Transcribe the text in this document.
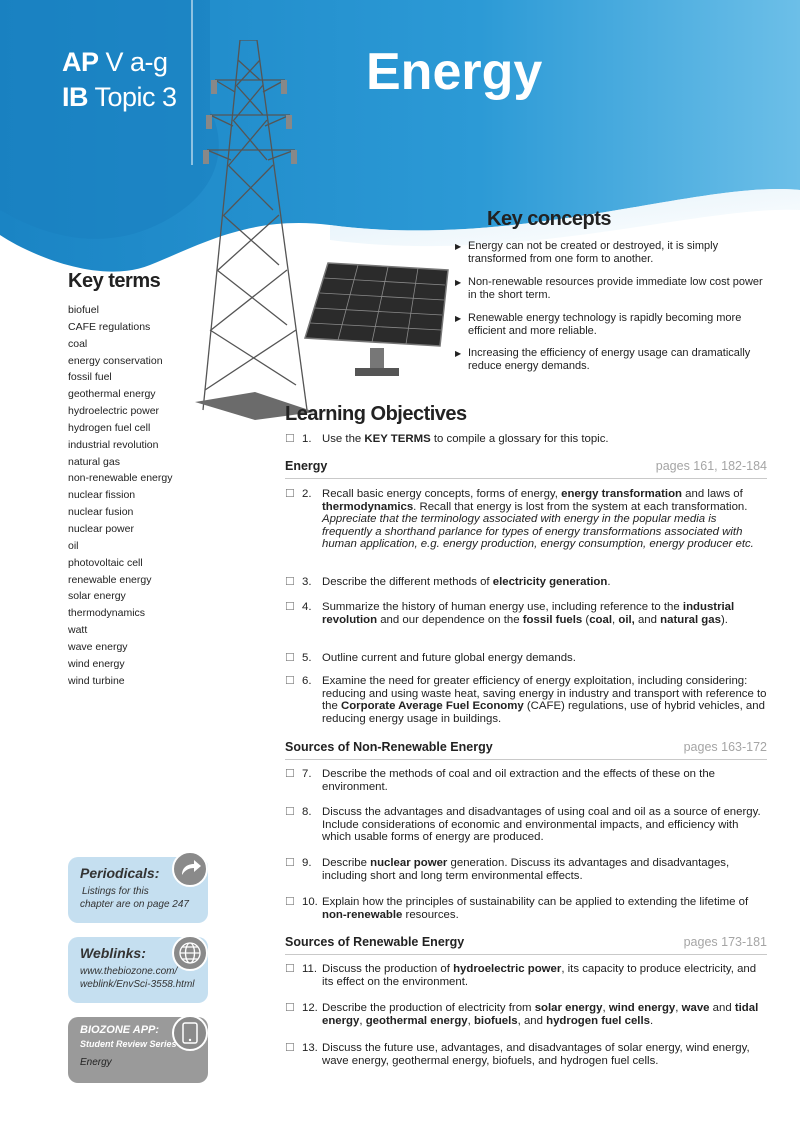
AP V a-g
IB Topic 3	Energy
Key terms
biofuel
CAFE regulations
coal
energy conservation
fossil fuel
geothermal energy
hydroelectric power
hydrogen fuel cell
industrial revolution
natural gas
non-renewable energy
nuclear fission
nuclear fusion
nuclear power
oil
photovoltaic cell
renewable energy
solar energy
thermodynamics
watt
wave energy
wind energy
wind turbine
Key concepts
▶ Energy can not be created or destroyed, it is simply transformed from one form to another.
▶ Non-renewable resources provide immediate low cost power in the short term.
▶ Renewable energy technology is rapidly becoming more efficient and more reliable.
▶ Increasing the efficiency of energy usage can dramatically reduce energy demands.
Learning Objectives
☐ 1. Use the KEY TERMS to compile a glossary for this topic.
Energy	pages 161, 182-184
☐ 2. Recall basic energy concepts, forms of energy, energy transformation and laws of thermodynamics. Recall that energy is lost from the system at each transformation. Appreciate that the terminology associated with energy in the popular media is frequently a shorthand parlance for types of energy transformations associated with human application, e.g. energy production, energy consumption, energy producer etc.
☐ 3. Describe the different methods of electricity generation.
☐ 4. Summarize the history of human energy use, including reference to the industrial revolution and our dependence on the fossil fuels (coal, oil, and natural gas).
☐ 5. Outline current and future global energy demands.
☐ 6. Examine the need for greater efficiency of energy exploitation, including considering: reducing and using waste heat, saving energy in industry and transport with reference to the Corporate Average Fuel Economy (CAFE) regulations, use of hybrid vehicles, and reducing energy usage in buildings.
Sources of Non-Renewable Energy	pages 163-172
☐ 7. Describe the methods of coal and oil extraction and the effects of these on the environment.
☐ 8. Discuss the advantages and disadvantages of using coal and oil as a source of energy. Include considerations of economic and environmental impacts, and efficiency with which usable forms of energy are produced.
☐ 9. Describe nuclear power generation. Discuss its advantages and disadvantages, including short and long term environmental effects.
☐ 10. Explain how the principles of sustainability can be applied to extending the lifetime of non-renewable resources.
Sources of Renewable Energy	pages 173-181
☐ 11. Discuss the production of hydroelectric power, its capacity to produce electricity, and its effect on the environment.
☐ 12. Describe the production of electricity from solar energy, wind energy, wave and tidal energy, geothermal energy, biofuels, and hydrogen fuel cells.
☐ 13. Discuss the future use, advantages, and disadvantages of solar energy, wind energy, wave energy, geothermal energy, biofuels, and hydrogen fuel cells.
Periodicals:
Listings for this
chapter are on page 247
Weblinks:
www.thebiozone.com/
weblink/EnvSci-3558.html
BIOZONE APP:
Student Review Series
Energy
